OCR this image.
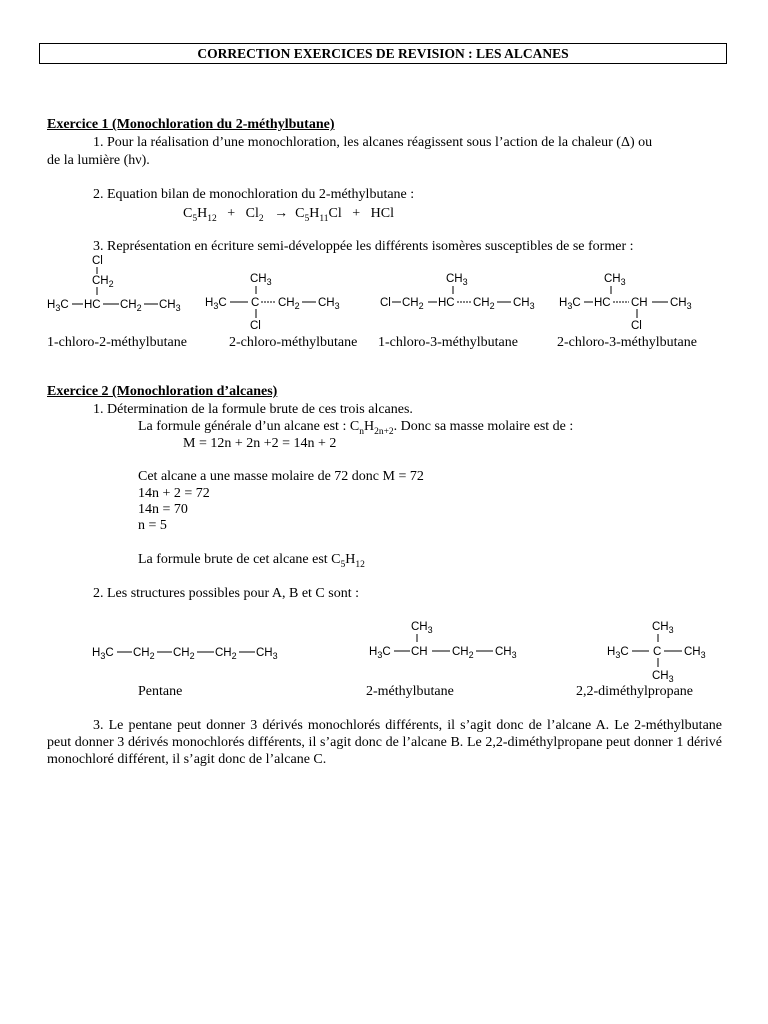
CORRECTION EXERCICES DE REVISION : LES ALCANES
Exercice 1 (Monochloration du 2-méthylbutane)
1. Pour la réalisation d’une monochloration, les alcanes réagissent sous l’action de la chaleur (Δ) ou
de la lumière (hν).
2. Equation bilan de monochloration du 2-méthylbutane :
$C_5H_{12} + Cl_2 \to C_5H_{11}Cl$ + HCl
3. Représentation en écriture semi-développée les différents isomères susceptibles de se former :
Cl
$CH_2$
$H_3C$ HC $CH_2$ $CH_3$
$CH_3$
$H_3C$ C $CH_2$ $CH_3$
Cl
$CH_3$
Cl $CH_2$ HC $CH_2$ $CH_3$
$CH_3$
$H_3C$ HC CH $CH_3$
Cl
1-chloro-2-méthylbutane	2-chloro-méthylbutane 1-chloro-3-méthylbutane	2-chloro-3-méthylbutane
Exercice 2 (Monochloration d’alcanes)
1. Détermination de la formule brute de ces trois alcanes.
La formule générale d’un alcane est : $C_nH_{2n+2}$. Donc sa masse molaire est de :
M = 12n + 2n +2 = 14n + 2
Cet alcane a une masse molaire de 72 donc M = 72
14n + 2 = 72
14n = 70
n = 5
La formule brute de cet alcane est $C_5H_{12}$
2. Les structures possibles pour A, B et C sont :
$H_3C$ $CH_2$ $CH_2$ $CH_2$ $CH_3$
$CH_3$
$H_3C$ CH $CH_2$ $CH_3$
$CH_3$
$H_3C$ C $CH_3$
$CH_3$
Pentane	2-méthylbutane	2,2-diméthylpropane
3. Le pentane peut donner 3 dérivés monochlorés différents, il s’agit donc de l’alcane A. Le 2-méthylbutane peut donner 3 dérivés monochlorés différents, il s’agit donc de l’alcane B. Le 2,2-diméthylpropane peut donner 1 dérivé monochloré différent, il s’agit donc de l’alcane C.
